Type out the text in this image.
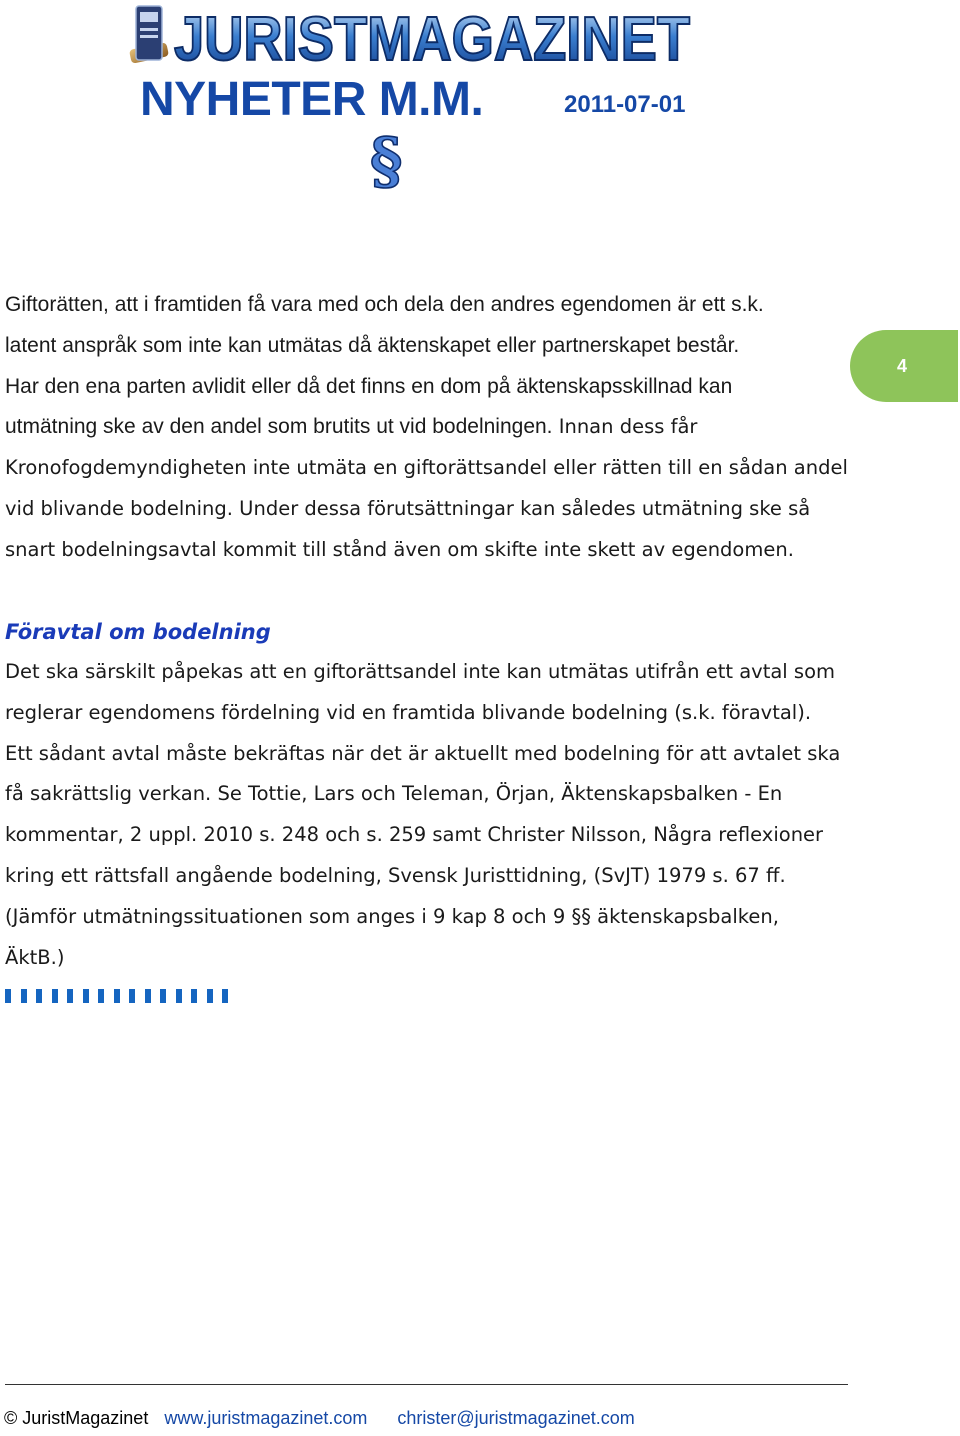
JURISTMAGAZINET
NYHETER M.M.	2011-07-01
§
Giftorätten, att i framtiden få vara med och dela den andres egendomen är ett s.k.
latent anspråk som inte kan utmätas då äktenskapet eller partnerskapet består.
Har den ena parten avlidit eller då det finns en dom på äktenskapsskillnad kan
utmätning ske av den andel som brutits ut vid bodelningen. Innan dess får
Kronofogdemyndigheten inte utmäta en giftorättsandel eller rätten till en sådan andel
vid blivande bodelning. Under dessa förutsättningar kan således utmätning ske så
snart bodelningsavtal kommit till stånd även om skifte inte skett av egendomen.
Föravtal om bodelning
Det ska särskilt påpekas att en giftorättsandel inte kan utmätas utifrån ett avtal som
reglerar egendomens fördelning vid en framtida blivande bodelning (s.k. föravtal).
Ett sådant avtal måste bekräftas när det är aktuellt med bodelning för att avtalet ska
få sakrättslig verkan. Se Tottie, Lars och Teleman, Örjan, Äktenskapsbalken - En
kommentar, 2 uppl. 2010 s. 248 och s. 259 samt Christer Nilsson, Några reflexioner
kring ett rättsfall angående bodelning, Svensk Juristtidning, (SvJT) 1979 s. 67 ff.
(Jämför utmätningssituationen som anges i 9 kap 8 och 9 §§ äktenskapsbalken,
ÄktB.)
4
© JuristMagazinet www.juristmagazinet.com christer@juristmagazinet.com
